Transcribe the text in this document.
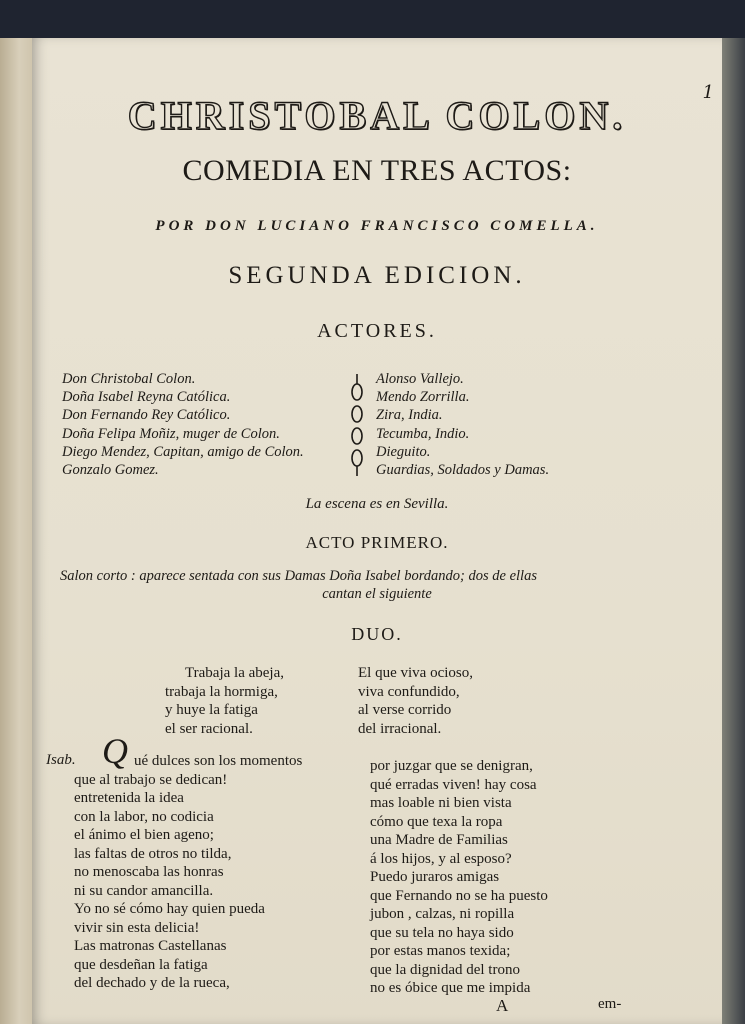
1
CHRISTOBAL COLON.
COMEDIA EN TRES ACTOS:
POR DON LUCIANO FRANCISCO COMELLA.
SEGUNDA EDICION.
ACTORES.
Don Christobal Colon.
Doña Isabel Reyna Católica.
Don Fernando Rey Católico.
Doña Felipa Moñiz, muger de Colon.
Diego Mendez, Capitan, amigo de Colon.
Gonzalo Gomez.
Alonso Vallejo.
Mendo Zorrilla.
Zira, India.
Tecumba, Indio.
Dieguito.
Guardias, Soldados y Damas.
La escena es en Sevilla.
ACTO PRIMERO.
Salon corto : aparece sentada con sus Damas Doña Isabel bordando; dos de ellas
cantan el siguiente
DUO.
Trabaja la abeja,
trabaja la hormiga,
y huye la fatiga
el ser racional.
El que viva ocioso,
viva confundido,
al verse corrido
del irracional.
Isab. Q ué dulces son los momentos
que al trabajo se dedican!
entretenida la idea
con la labor, no codicia
el ánimo el bien ageno;
las faltas de otros no tilda,
no menoscaba las honras
ni su candor amancilla.
Yo no sé cómo hay quien pueda
vivir sin esta delicia!
Las matronas Castellanas
que desdeñan la fatiga
del dechado y de la rueca,
por juzgar que se denigran,
qué erradas viven! hay cosa
mas loable ni bien vista
cómo que texa la ropa
una Madre de Familias
á los hijos, y al esposo?
Puedo juraros amigas
que Fernando no se ha puesto
jubon , calzas, ni ropilla
que su tela no haya sido
por estas manos texida;
que la dignidad del trono
no es óbice que me impida
A	em-
